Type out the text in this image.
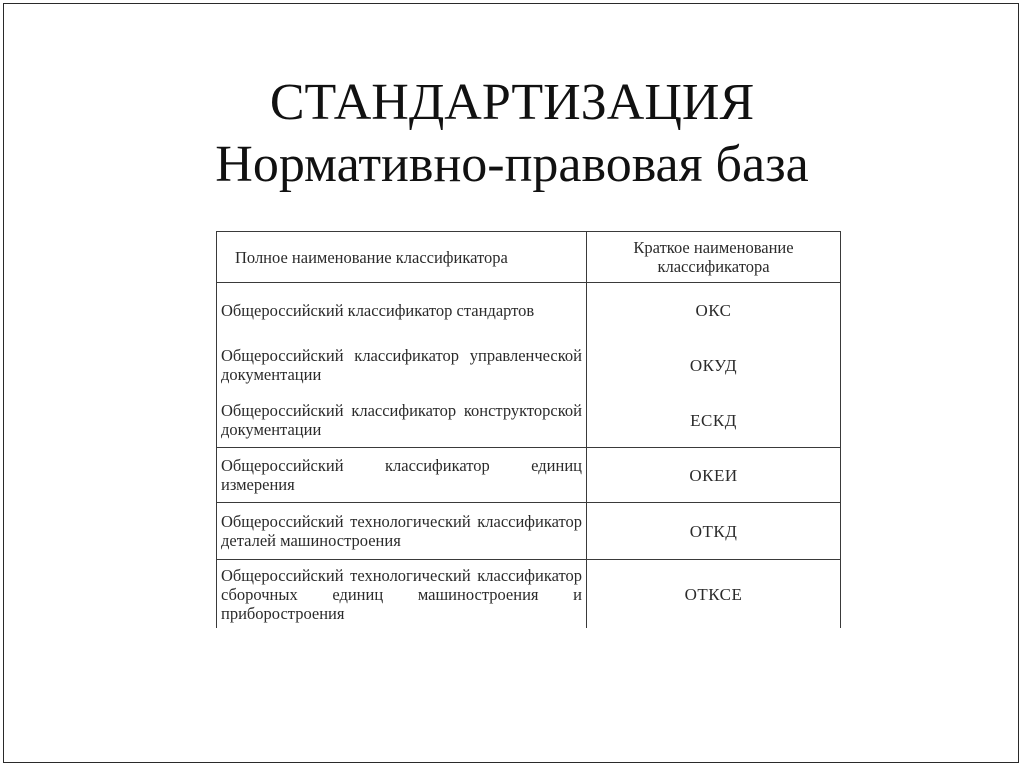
СТАНДАРТИЗАЦИЯ
Нормативно-правовая база
Полное наименование классификатора	Краткое наименование классификатора
Общероссийский классификатор стандартов	ОКС
Общероссийский классификатор управленческой документации	ОКУД
Общероссийский классификатор конструкторской документации	ЕСКД
Общероссийский классификатор единиц измерения	ОКЕИ
Общероссийский технологический классификатор деталей машиностроения	ОТКД
Общероссийский технологический классификатор сборочных единиц машиностроения и приборостроения	ОТКСЕ
